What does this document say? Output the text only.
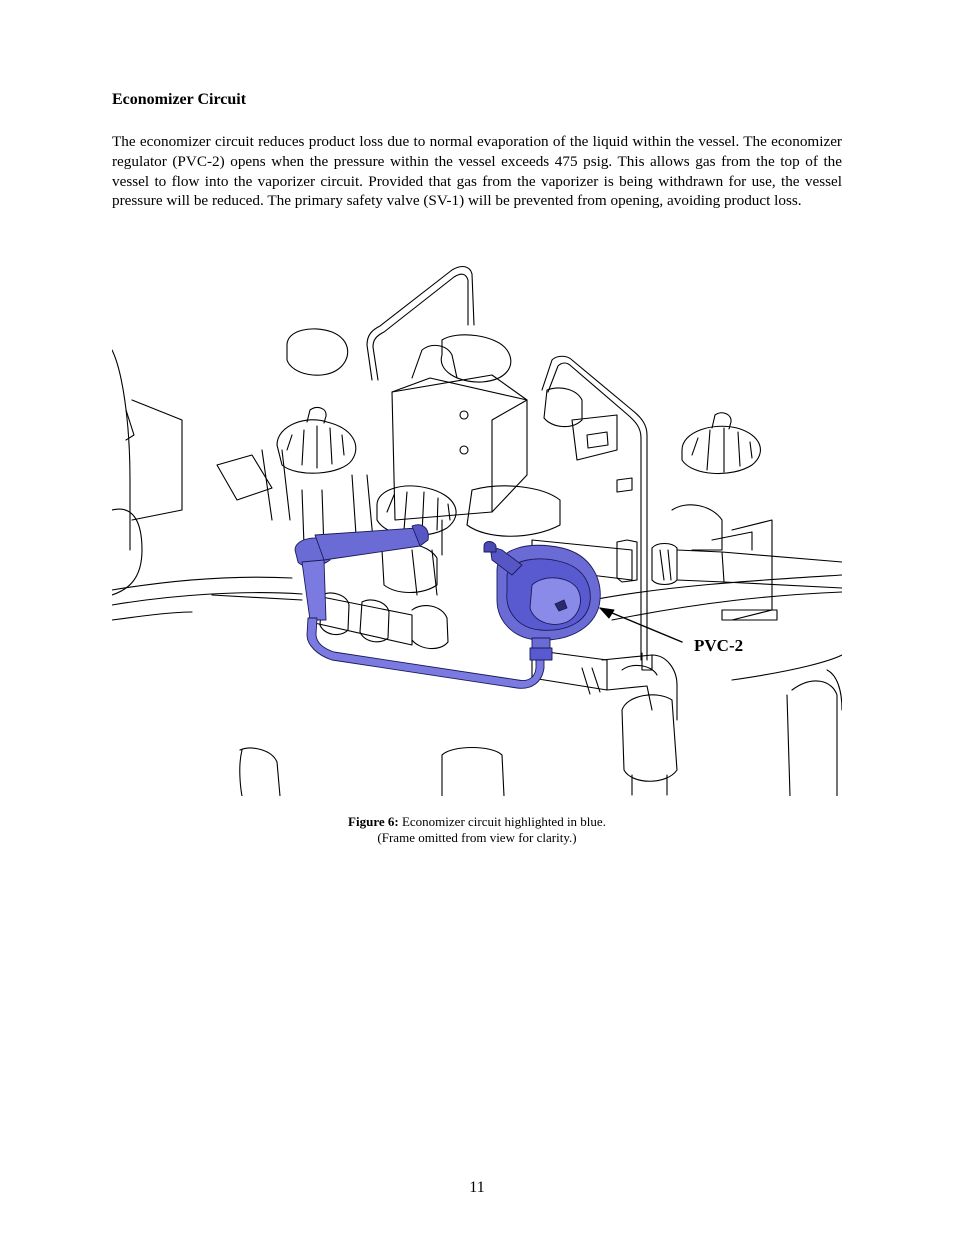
Economizer Circuit
The economizer circuit reduces product loss due to normal evaporation of the liquid within the vessel. The economizer regulator (PVC-2) opens when the pressure within the vessel exceeds 475 psig. This allows gas from the top of the vessel to flow into the vaporizer circuit. Provided that gas from the vaporizer is being withdrawn for use, the vessel pressure will be reduced. The primary safety valve (SV-1) will be prevented from opening, avoiding product loss.
PVC-2
Figure 6: Economizer circuit highlighted in blue.
(Frame omitted from view for clarity.)
11
